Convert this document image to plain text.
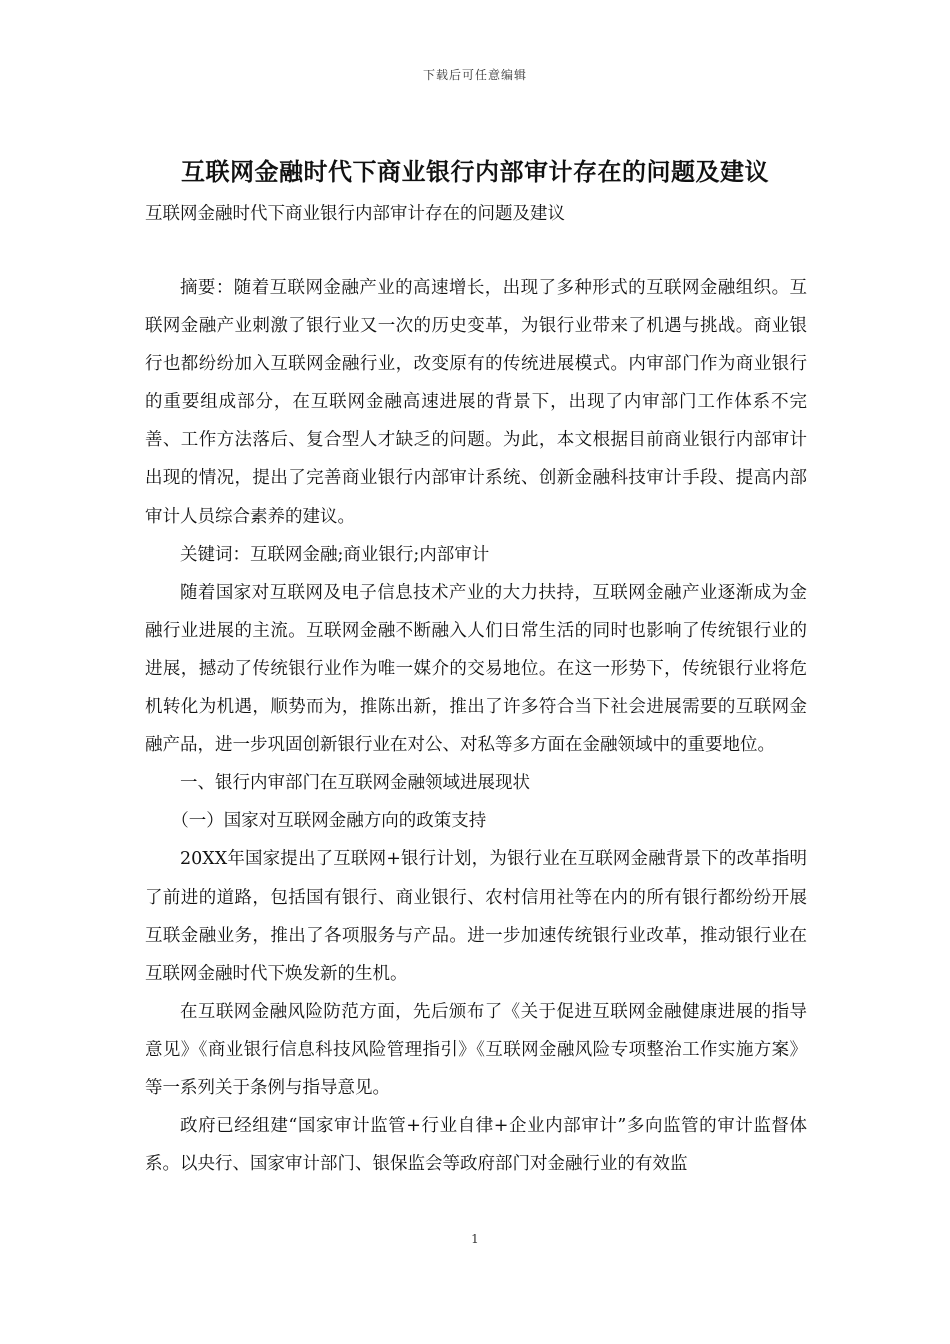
下载后可任意编辑
互联网金融时代下商业银行内部审计存在的问题及建议

互联网金融时代下商业银行内部审计存在的问题及建议

摘要：随着互联网金融产业的高速增长，出现了多种形式的互联网金融组织。互联网金融产业刺激了银行业又一次的历史变革，为银行业带来了机遇与挑战。商业银行也都纷纷加入互联网金融行业，改变原有的传统进展模式。内审部门作为商业银行的重要组成部分，在互联网金融高速进展的背景下，出现了内审部门工作体系不完善、工作方法落后、复合型人才缺乏的问题。为此，本文根据目前商业银行内部审计出现的情况，提出了完善商业银行内部审计系统、创新金融科技审计手段、提高内部审计人员综合素养的建议。

关键词：互联网金融;商业银行;内部审计

随着国家对互联网及电子信息技术产业的大力扶持，互联网金融产业逐渐成为金融行业进展的主流。互联网金融不断融入人们日常生活的同时也影响了传统银行业的进展，撼动了传统银行业作为唯一媒介的交易地位。在这一形势下，传统银行业将危机转化为机遇，顺势而为，推陈出新，推出了许多符合当下社会进展需要的互联网金融产品，进一步巩固创新银行业在对公、对私等多方面在金融领域中的重要地位。

一、银行内审部门在互联网金融领域进展现状

（一）国家对互联网金融方向的政策支持

20XX年国家提出了互联网+银行计划，为银行业在互联网金融背景下的改革指明了前进的道路，包括国有银行、商业银行、农村信用社等在内的所有银行都纷纷开展互联金融业务，推出了各项服务与产品。进一步加速传统银行业改革，推动银行业在互联网金融时代下焕发新的生机。

在互联网金融风险防范方面，先后颁布了《关于促进互联网金融健康进展的指导意见》《商业银行信息科技风险管理指引》《互联网金融风险专项整治工作实施方案》等一系列关于条例与指导意见。

政府已经组建“国家审计监管+行业自律+企业内部审计”多向监管的审计监督体系。以央行、国家审计部门、银保监会等政府部门对金融行业的有效监

1
